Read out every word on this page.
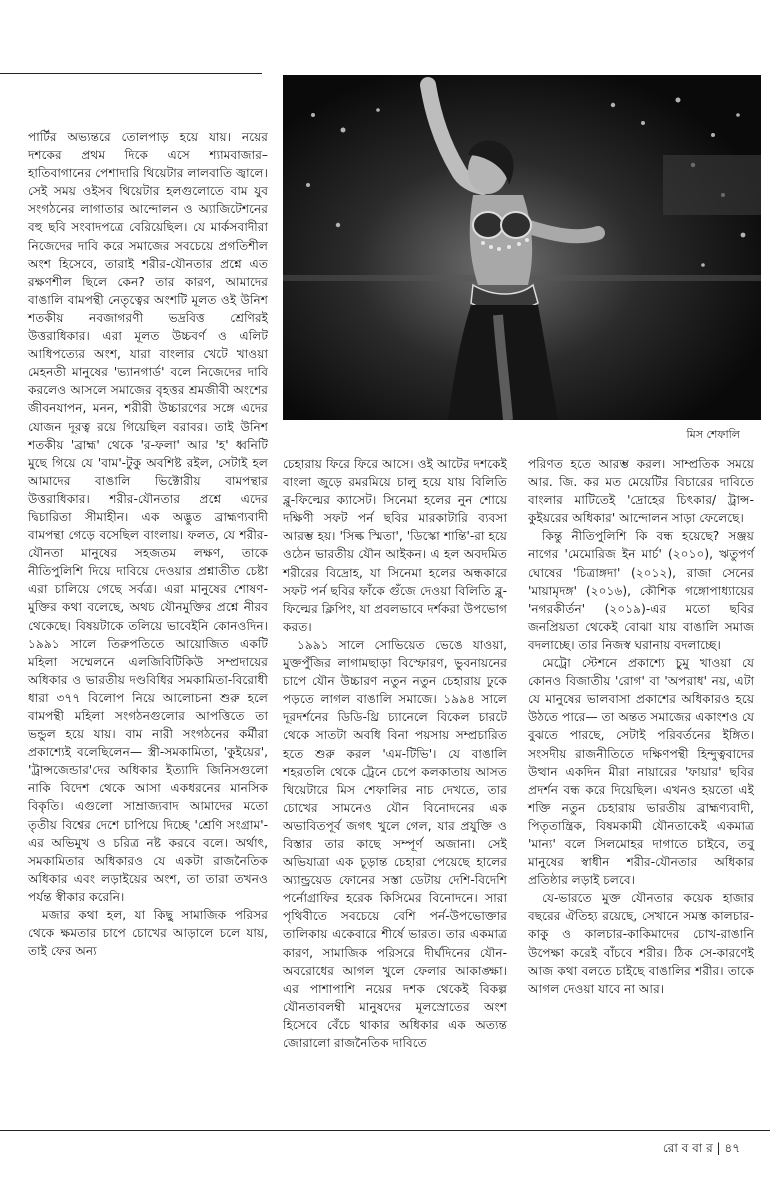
মিস শেফালি

পার্টির অভ্যন্তরে তোলপাড় হয়ে যায়। নয়ের দশকের প্রথম দিকে এসে শ্যামবাজার–হাতিবাগানের পেশাদারি থিয়েটার লালবাতি জ্বালে। সেই সময় ওইসব থিয়েটার হলগুলোতে বাম যুব সংগঠনের লাগাতার আন্দোলন ও অ্যাজিটেশনের বহু ছবি সংবাদপত্রে বেরিয়েছিল। যে মার্কসবাদীরা নিজেদের দাবি করে সমাজের সবচেয়ে প্রগতিশীল অংশ হিসেবে, তারাই শরীর-যৌনতার প্রশ্নে এত রক্ষণশীল ছিলে কেন? তার কারণ, আমাদের বাঙালি বামপন্থী নেতৃত্বের অংশটি মূলত ওই উনিশ শতকীয় নবজাগরণী ভদ্রবিত্ত শ্রেণিরই উত্তরাধিকার। এরা মূলত উচ্চবর্ণ ও এলিট আধিপত্যের অংশ, যারা বাংলার খেটে খাওয়া মেহনতী মানুষের 'ভ্যানগার্ড' বলে নিজেদের দাবি করলেও আসলে সমাজের বৃহত্তর শ্রমজীবী অংশের জীবনযাপন, মনন, শরীরী উচ্চারণের সঙ্গে এদের যোজন দূরত্ব রয়ে গিয়েছিল বরাবর। তাই উনিশ শতকীয় 'ব্রাহ্ম' থেকে 'র-ফলা' আর 'হ' ধ্বনিটি মুছে গিয়ে যে 'বাম'-টুকু অবশিষ্ট রইল, সেটাই হল আমাদের বাঙালি ভিক্টোরীয় বামপন্থার উত্তরাধিকার। শরীর-যৌনতার প্রশ্নে এদের দ্বিচারিতা সীমাহীন। এক অদ্ভুত ব্রাহ্মণ্যবাদী বামপন্থা গেড়ে বসেছিল বাংলায়। ফলত, যে শরীর-যৌনতা মানুষের সহজতম লক্ষণ, তাকে নীতিপুলিশি দিয়ে দাবিয়ে দেওয়ার প্রশ্নাতীত চেষ্টা এরা চালিয়ে গেছে সর্বত্র। এরা মানুষের শোষণ-মুক্তির কথা বলেছে, অথচ যৌনমুক্তির প্রশ্নে নীরব থেকেছে। বিষয়টাকে তলিয়ে ভাবেইনি কোনওদিন। ১৯৯১ সালে তিরুপতিতে আয়োজিত একটি মহিলা সম্মেলনে এলজিবিটিকিউ সম্প্রদায়ের অধিকার ও ভারতীয় দণ্ডবিধির সমকামিতা-বিরোধী ধারা ৩৭৭ বিলোপ নিয়ে আলোচনা শুরু হলে বামপন্থী মহিলা সংগঠনগুলোর আপত্তিতে তা ভন্ডুল হয়ে যায়। বাম নারী সংগঠনের কর্মীরা প্রকাশ্যেই বলেছিলেন— স্ত্রী-সমকামিতা, 'কুইয়ের', 'ট্রান্সজেন্ডার'দের অধিকার ইত্যাদি জিনিসগুলো নাকি বিদেশ থেকে আসা একধরনের মানসিক বিকৃতি। এগুলো সাম্রাজ্যবাদ আমাদের মতো তৃতীয় বিশ্বের দেশে চাপিয়ে দিচ্ছে 'শ্রেণি সংগ্রাম'-এর অভিমুখ ও চরিত্র নষ্ট করবে বলে। অর্থাৎ, সমকামিতার অধিকারও যে একটা রাজনৈতিক অধিকার এবং লড়াইয়ের অংশ, তা তারা তখনও পর্যন্ত স্বীকার করেনি।

মজার কথা হল, যা কিছু সামাজিক পরিসর থেকে ক্ষমতার চাপে চোখের আড়ালে চলে যায়, তাই ফের অন্য

চেহারায় ফিরে ফিরে আসে। ওই আটের দশকেই বাংলা জুড়ে রমরমিয়ে চালু হয়ে যায় বিলিতি ব্লু-ফিল্মের ক্যাসেট। সিনেমা হলের নুন শোয়ে দক্ষিণী সফট পর্ন ছবির মারকাটারি ব্যবসা আরম্ভ হয়। 'সিল্ক স্মিতা', 'ডিস্কো শান্তি'-রা হয়ে ওঠেন ভারতীয় যৌন আইকন। এ হল অবদমিত শরীরের বিদ্রোহ, যা সিনেমা হলের অন্ধকারে সফট পর্ন ছবির ফাঁকে গুঁজে দেওয়া বিলিতি ব্লু-ফিল্মের ক্লিপিং, যা প্রবলভাবে দর্শকরা উপভোগ করত।

১৯৯১ সালে সোভিয়েত ভেঙে যাওয়া, মুক্তপুঁজির লাগামছাড়া বিস্ফোরণ, ভুবনায়নের চাপে যৌন উচ্চারণ নতুন নতুন চেহারায় ঢুকে পড়তে লাগল বাঙালি সমাজে। ১৯৯৪ সালে দূরদর্শনের ডিডি-থ্রি চ্যানেলে বিকেল চারটে থেকে সাতটা অবধি বিনা পয়সায় সম্প্রচারিত হতে শুরু করল 'এম-টিভি'। যে বাঙালি শহরতলি থেকে ট্রেনে চেপে কলকাতায় আসত থিয়েটারে মিস শেফালির নাচ দেখতে, তার চোখের সামনেও যৌন বিনোদনের এক অভাবিতপূর্ব জগৎ খুলে গেল, যার প্রযুক্তি ও বিস্তার তার কাছে সম্পূর্ণ অজানা। সেই অভিযাত্রা এক চূড়ান্ত চেহারা পেয়েছে হালের অ্যান্ড্রয়েড ফোনের সস্তা ডেটায় দেশি-বিদেশি পর্নোগ্রাফির হরেক কিসিমের বিনোদনে। সারা পৃথিবীতে সবচেয়ে বেশি পর্ন-উপভোক্তার তালিকায় একেবারে শীর্ষে ভারত। তার একমাত্র কারণ, সামাজিক পরিসরে দীর্ঘদিনের যৌন-অবরোধের আগল খুলে ফেলার আকাঙ্ক্ষা। এর পাশাপাশি নয়ের দশক থেকেই বিকল্প যৌনতাবলম্বী মানুষদের মূলস্রোতের অংশ হিসেবে বেঁচে থাকার অধিকার এক অত্যন্ত জোরালো রাজনৈতিক দাবিতে

পরিণত হতে আরম্ভ করল। সাম্প্রতিক সময়ে আর. জি. কর মত মেয়েটির বিচারের দাবিতে বাংলার মাটিতেই 'দ্রোহের চিৎকার/ ট্রান্স-কুইয়রের অধিকার' আন্দোলন সাড়া ফেলেছে।

কিন্তু নীতিপুলিশি কি বন্ধ হয়েছে? সঞ্জয় নাগের 'মেমোরিজ ইন মার্চ' (২০১০), ঋতুপর্ণ ঘোষের 'চিত্রাঙ্গদা' (২০১২), রাজা সেনের 'মায়ামৃদঙ্গ' (২০১৬), কৌশিক গঙ্গোপাধ্যায়ের 'নগরকীর্তন' (২০১৯)-এর মতো ছবির জনপ্রিয়তা থেকেই বোঝা যায় বাঙালি সমাজ বদলাচ্ছে। তার নিজস্ব ঘরানায় বদলাচ্ছে।

মেট্রো স্টেশনে প্রকাশ্যে চুমু খাওয়া যে কোনও বিজাতীয় 'রোগ' বা 'অপরাধ' নয়, এটা যে মানুষের ভালবাসা প্রকাশের অধিকারও হয়ে উঠতে পারে— তা অন্তত সমাজের একাংশও যে বুঝতে পারছে, সেটাই পরিবর্তনের ইঙ্গিত। সংসদীয় রাজনীতিতে দক্ষিণপন্থী হিন্দুত্ববাদের উত্থান একদিন মীরা নায়ারের 'ফায়ার' ছবির প্রদর্শন বন্ধ করে দিয়েছিল। এখনও হয়তো এই শক্তি নতুন চেহারায় ভারতীয় ব্রাহ্মণ্যবাদী, পিতৃতান্ত্রিক, বিষমকামী যৌনতাকেই একমাত্র 'মান্য' বলে সিলমোহর দাগাতে চাইবে, তবু মানুষের স্বাধীন শরীর-যৌনতার অধিকার প্রতিষ্ঠার লড়াই চলবে।

যে-ভারতে মুক্ত যৌনতার কয়েক হাজার বছরের ঐতিহ্য রয়েছে, সেখানে সমস্ত কালচার-কাকু ও কালচার-কাকিমাদের চোখ-রাঙানি উপেক্ষা করেই বাঁচবে শরীর। ঠিক সে-কারণেই আজ কথা বলতে চাইছে বাঙালির শরীর। তাকে আগল দেওয়া যাবে না আর।

রো ব বা র | ৪৭
